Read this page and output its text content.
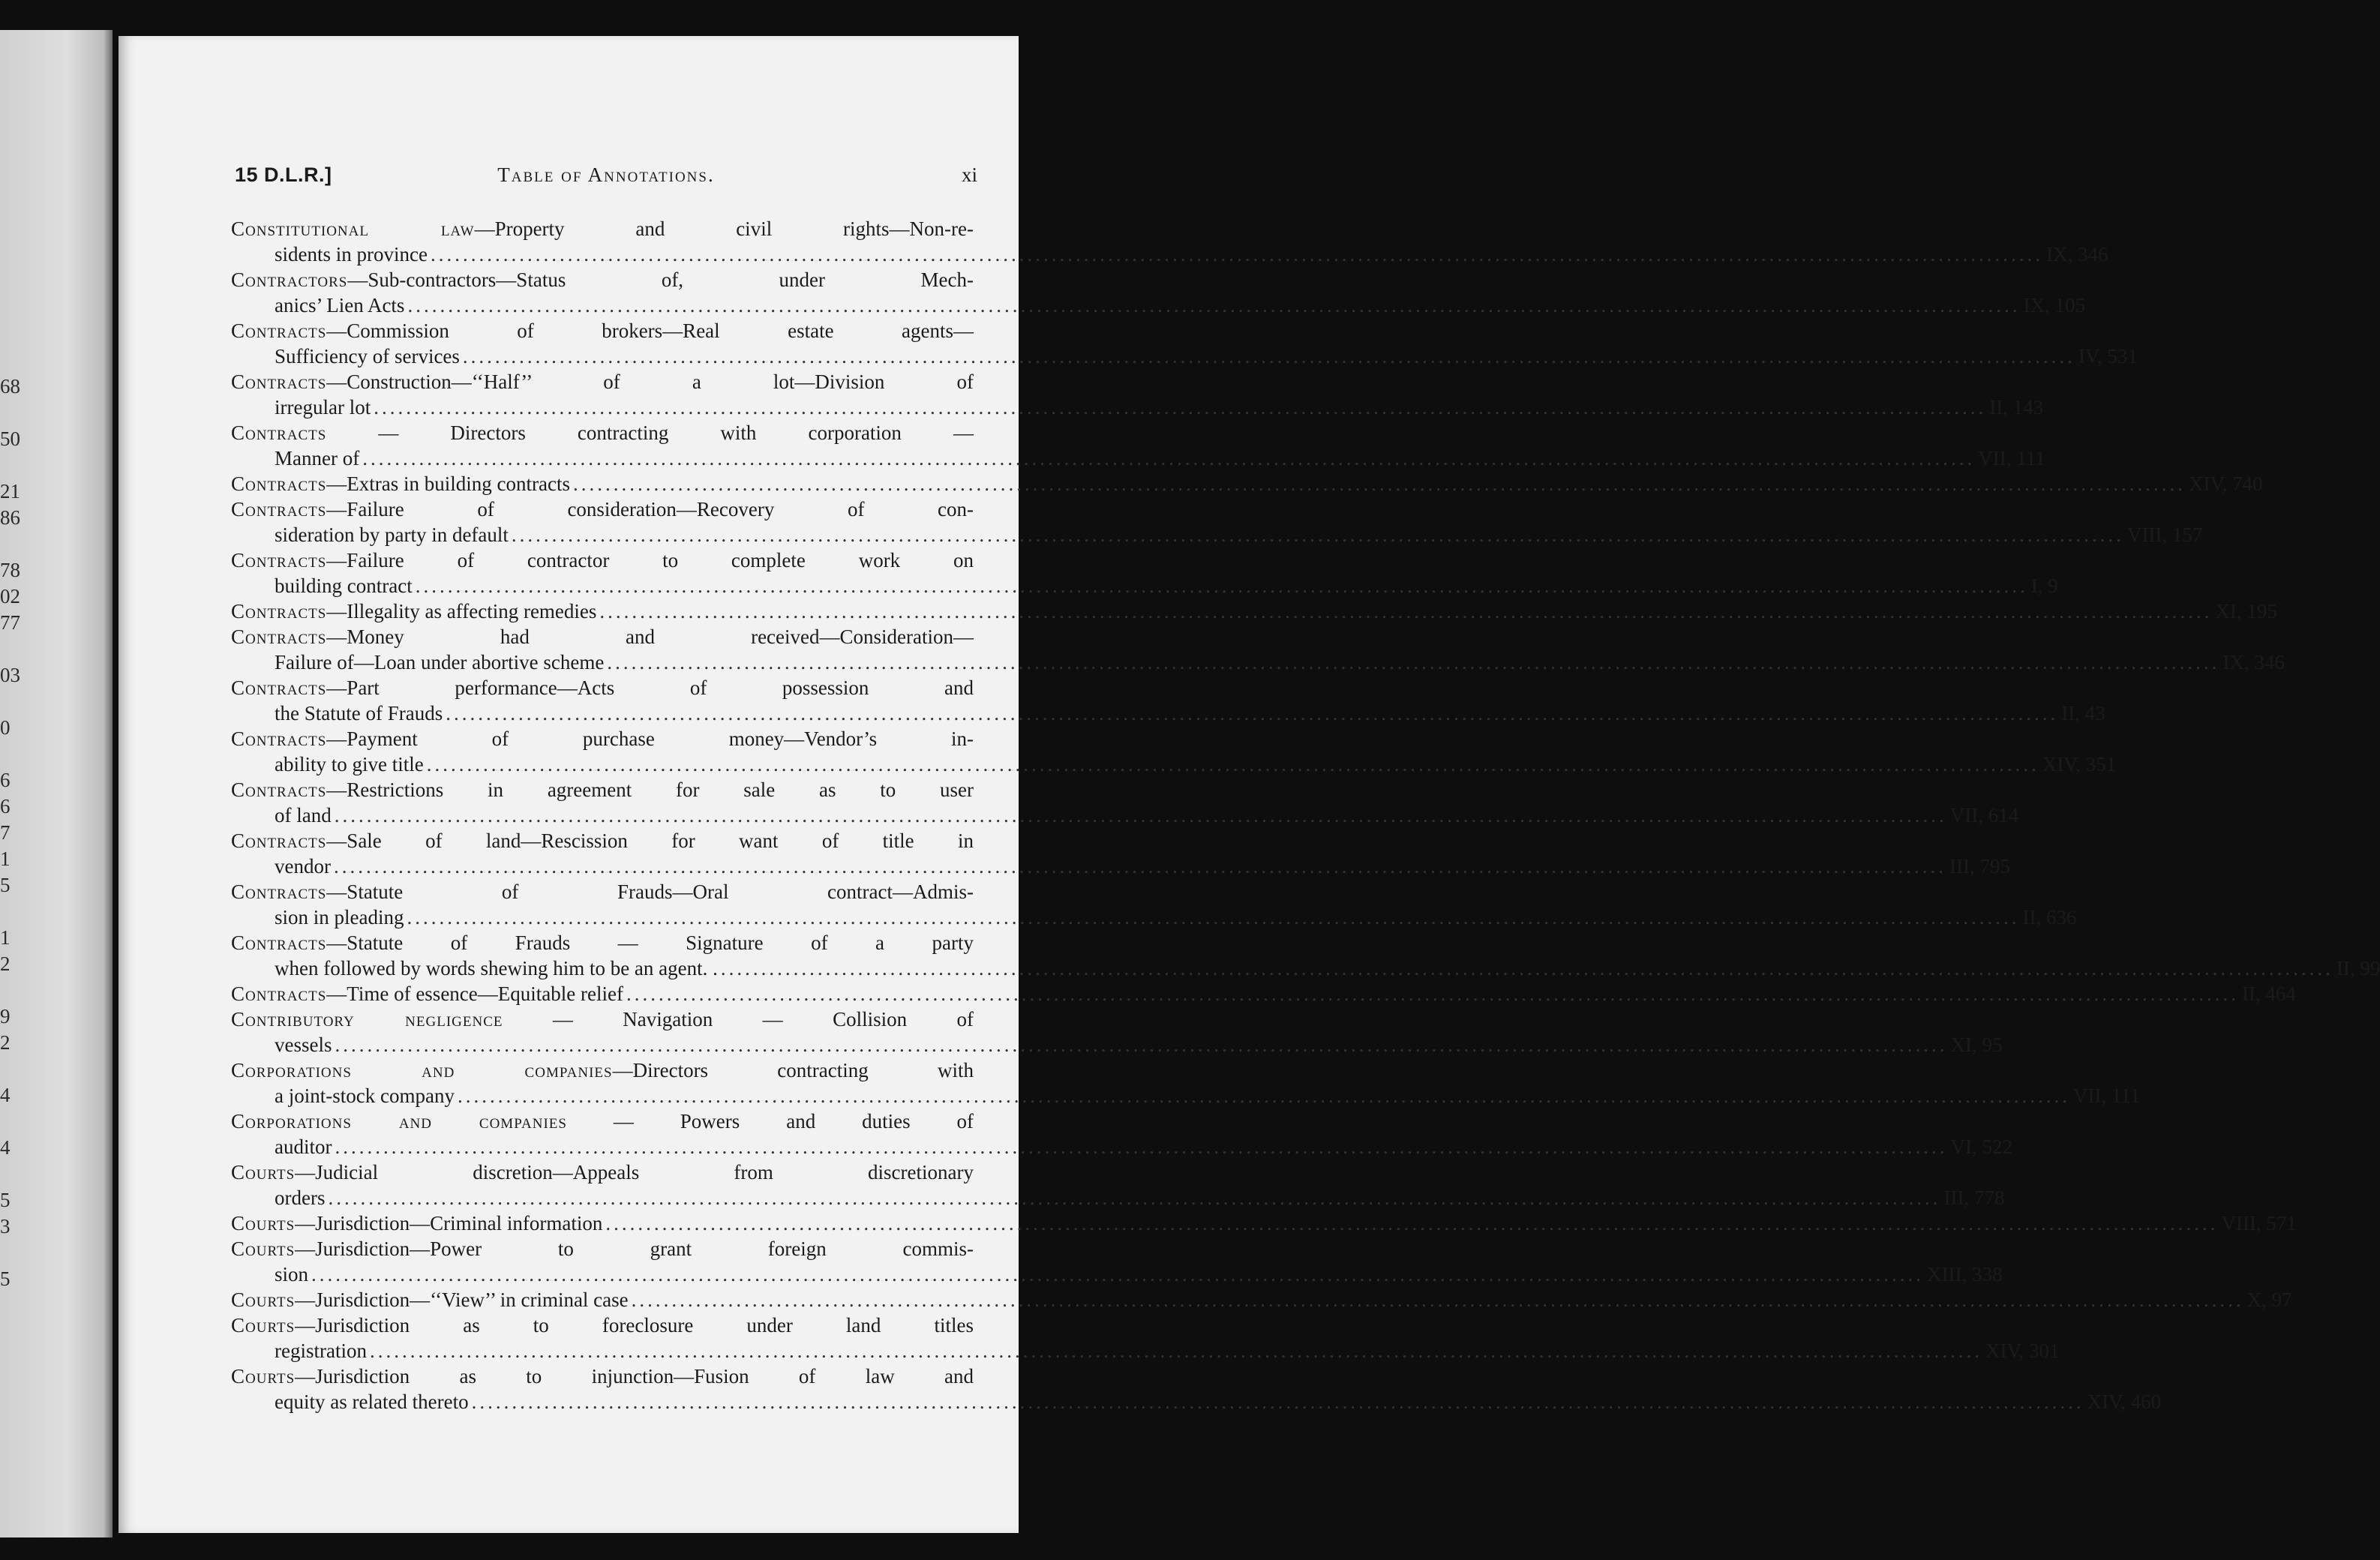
68
50
21
86
78
02
77
03
0
6
6
7
1
5
1
2
9
2
4
4
5
3
5
15 D.L.R.]	Table of Annotations.	xi
Constitutional law—Property and civil rights—Non-re-
sidents in province ........................................................................................................................................................................................................ IX, 346
Contractors—Sub-contractors—Status of, under Mech-
anics’ Lien Acts ........................................................................................................................................................................................................ IX, 105
Contracts—Commission of brokers—Real estate agents—
Sufficiency of services ........................................................................................................................................................................................................ IV, 531
Contracts—Construction—‘‘Half’’ of a lot—Division of
irregular lot ........................................................................................................................................................................................................ II, 143
Contracts — Directors contracting with corporation —
Manner of ........................................................................................................................................................................................................ VII, 111
Contracts—Extras in building contracts ........................................................................................................................................................................................................ XIV, 740
Contracts—Failure of consideration—Recovery of con-
sideration by party in default ........................................................................................................................................................................................................ VIII, 157
Contracts—Failure of contractor to complete work on
building contract ........................................................................................................................................................................................................ I, 9
Contracts—Illegality as affecting remedies ........................................................................................................................................................................................................ XI, 195
Contracts—Money had and received—Consideration—
Failure of—Loan under abortive scheme ........................................................................................................................................................................................................ IX, 346
Contracts—Part performance—Acts of possession and
the Statute of Frauds ........................................................................................................................................................................................................ II, 43
Contracts—Payment of purchase money—Vendor’s in-
ability to give title ........................................................................................................................................................................................................ XIV, 351
Contracts—Restrictions in agreement for sale as to user
of land ........................................................................................................................................................................................................ VII, 614
Contracts—Sale of land—Rescission for want of title in
vendor ........................................................................................................................................................................................................ III, 795
Contracts—Statute of Frauds—Oral contract—Admis-
sion in pleading ........................................................................................................................................................................................................ II, 636
Contracts—Statute of Frauds — Signature of a party
when followed by words shewing him to be an agent. . ........................................................................................................................................................................................................ II, 99
Contracts—Time of essence—Equitable relief ........................................................................................................................................................................................................ II, 464
Contributory negligence — Navigation — Collision of
vessels ........................................................................................................................................................................................................ XI, 95
Corporations and companies—Directors contracting with
a joint-stock company ........................................................................................................................................................................................................ VII, 111
Corporations and companies — Powers and duties of
auditor ........................................................................................................................................................................................................ VI, 522
Courts—Judicial discretion—Appeals from discretionary
orders ........................................................................................................................................................................................................ III, 778
Courts—Jurisdiction—Criminal information ........................................................................................................................................................................................................ VIII, 571
Courts—Jurisdiction—Power to grant foreign commis-
sion ........................................................................................................................................................................................................ XIII, 338
Courts—Jurisdiction—‘‘View’’ in criminal case ........................................................................................................................................................................................................ X, 97
Courts—Jurisdiction as to foreclosure under land titles
registration ........................................................................................................................................................................................................ XIV, 301
Courts—Jurisdiction as to injunction—Fusion of law and
equity as related thereto ........................................................................................................................................................................................................ XIV, 460
